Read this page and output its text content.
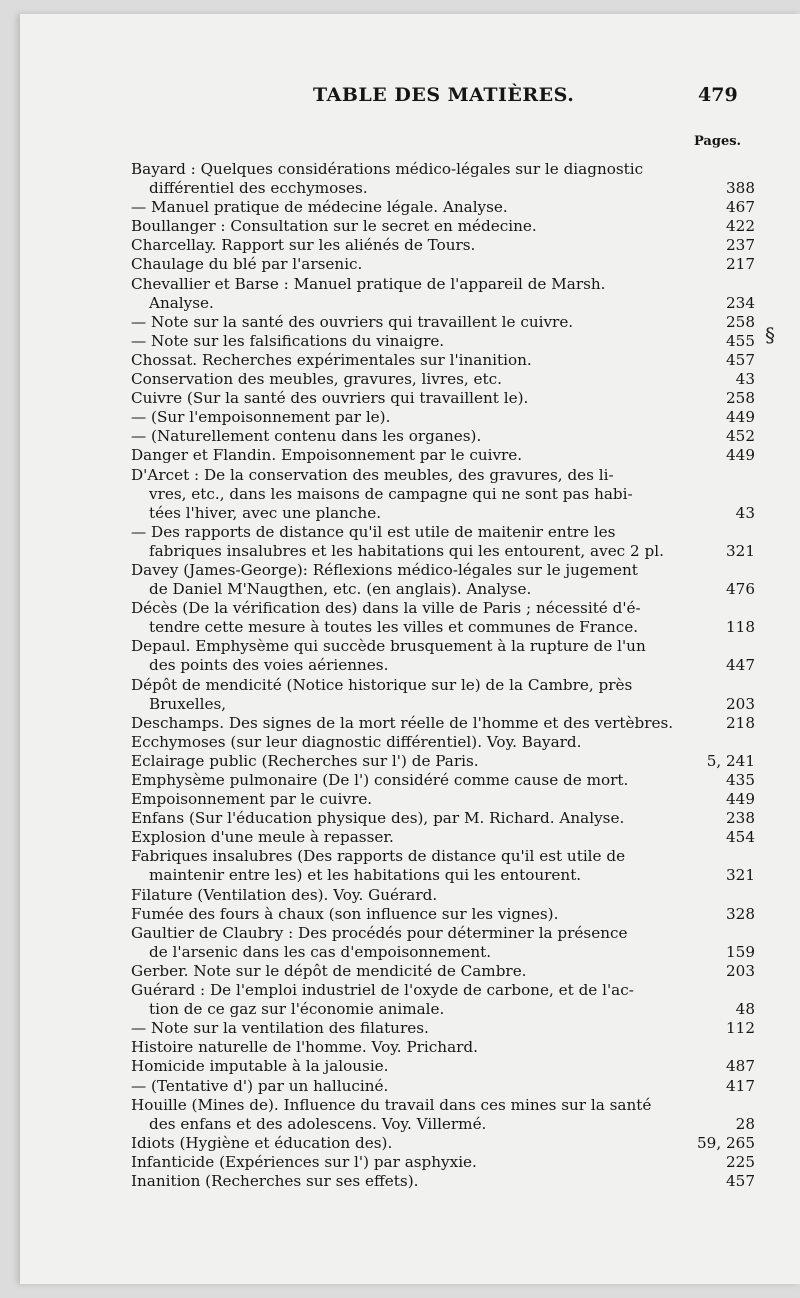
TABLE DES MATIÈRES.	479
Pages.
Bayard : Quelques considérations médico-légales sur le diagnostic
différentiel des ecchymoses.	388
— Manuel pratique de médecine légale. Analyse.	467
Boullanger : Consultation sur le secret en médecine.	422
Charcellay. Rapport sur les aliénés de Tours.	237
Chaulage du blé par l'arsenic.	217
Chevallier et Barse : Manuel pratique de l'appareil de Marsh.
Analyse.	234
— Note sur la santé des ouvriers qui travaillent le cuivre.	258
— Note sur les falsifications du vinaigre.	455
Chossat. Recherches expérimentales sur l'inanition.	457
Conservation des meubles, gravures, livres, etc.	43
Cuivre (Sur la santé des ouvriers qui travaillent le).	258
— (Sur l'empoisonnement par le).	449
— (Naturellement contenu dans les organes).	452
Danger et Flandin. Empoisonnement par le cuivre.	449
D'Arcet : De la conservation des meubles, des gravures, des li-
vres, etc., dans les maisons de campagne qui ne sont pas habi-
tées l'hiver, avec une planche.	43
— Des rapports de distance qu'il est utile de maitenir entre les
fabriques insalubres et les habitations qui les entourent, avec 2 pl.	321
Davey (James-George): Réflexions médico-légales sur le jugement
de Daniel M'Naugthen, etc. (en anglais). Analyse.	476
Décès (De la vérification des) dans la ville de Paris ; nécessité d'é-
tendre cette mesure à toutes les villes et communes de France.	118
Depaul. Emphysème qui succède brusquement à la rupture de l'un
des points des voies aériennes.	447
Dépôt de mendicité (Notice historique sur le) de la Cambre, près
Bruxelles,	203
Deschamps. Des signes de la mort réelle de l'homme et des vertèbres.	218
Ecchymoses (sur leur diagnostic différentiel). Voy. Bayard.
Eclairage public (Recherches sur l') de Paris.	5, 241
Emphysème pulmonaire (De l') considéré comme cause de mort.	435
Empoisonnement par le cuivre.	449
Enfans (Sur l'éducation physique des), par M. Richard. Analyse.	238
Explosion d'une meule à repasser.	454
Fabriques insalubres (Des rapports de distance qu'il est utile de
maintenir entre les) et les habitations qui les entourent.	321
Filature (Ventilation des). Voy. Guérard.
Fumée des fours à chaux (son influence sur les vignes).	328
Gaultier de Claubry : Des procédés pour déterminer la présence
de l'arsenic dans les cas d'empoisonnement.	159
Gerber. Note sur le dépôt de mendicité de Cambre.	203
Guérard : De l'emploi industriel de l'oxyde de carbone, et de l'ac-
tion de ce gaz sur l'économie animale.	48
— Note sur la ventilation des filatures.	112
Histoire naturelle de l'homme. Voy. Prichard.
Homicide imputable à la jalousie.	487
— (Tentative d') par un halluciné.	417
Houille (Mines de). Influence du travail dans ces mines sur la santé
des enfans et des adolescens. Voy. Villermé.	28
Idiots (Hygiène et éducation des).	59, 265
Infanticide (Expériences sur l') par asphyxie.	225
Inanition (Recherches sur ses effets).	457
§
